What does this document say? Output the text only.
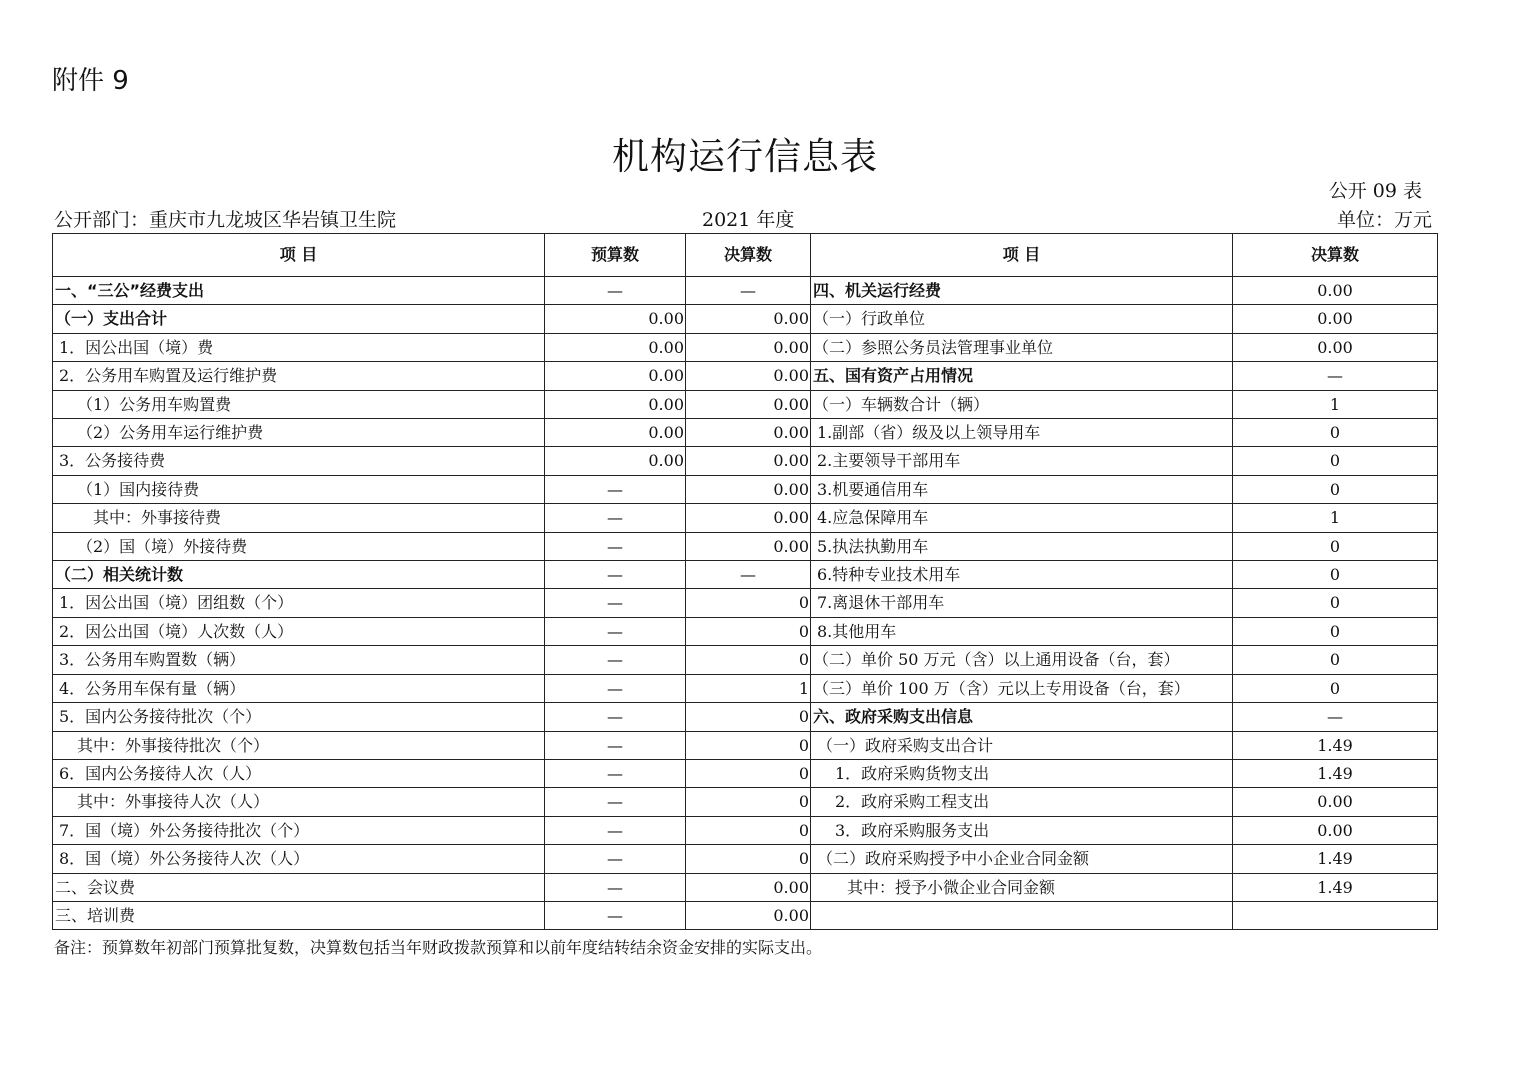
附件 9
机构运行信息表
公开 09 表
公开部门：重庆市九龙坡区华岩镇卫生院	2021 年度	单位：万元
项 目	预算数	决算数	项 目	决算数
一、“三公”经费支出	—	—	四、机关运行经费	0.00
（一）支出合计	0.00	0.00	（一）行政单位	0.00
1．因公出国（境）费	0.00	0.00	（二）参照公务员法管理事业单位	0.00
2．公务用车购置及运行维护费	0.00	0.00	五、国有资产占用情况	—
（1）公务用车购置费	0.00	0.00	（一）车辆数合计（辆）	1
（2）公务用车运行维护费	0.00	0.00	1.副部（省）级及以上领导用车	0
3．公务接待费	0.00	0.00	2.主要领导干部用车	0
（1）国内接待费	—	0.00	3.机要通信用车	0
其中：外事接待费	—	0.00	4.应急保障用车	1
（2）国（境）外接待费	—	0.00	5.执法执勤用车	0
（二）相关统计数	—	—	6.特种专业技术用车	0
1．因公出国（境）团组数（个）	—	0	7.离退休干部用车	0
2．因公出国（境）人次数（人）	—	0	8.其他用车	0
3．公务用车购置数（辆）	—	0	（二）单价 50 万元（含）以上通用设备（台，套）	0
4．公务用车保有量（辆）	—	1	（三）单价 100 万（含）元以上专用设备（台，套）	0
5．国内公务接待批次（个）	—	0	六、政府采购支出信息	—
其中：外事接待批次（个）	—	0	（一）政府采购支出合计	1.49
6．国内公务接待人次（人）	—	0	1．政府采购货物支出	1.49
其中：外事接待人次（人）	—	0	2．政府采购工程支出	0.00
7．国（境）外公务接待批次（个）	—	0	3．政府采购服务支出	0.00
8．国（境）外公务接待人次（人）	—	0	（二）政府采购授予中小企业合同金额	1.49
二、会议费	—	0.00	其中：授予小微企业合同金额	1.49
三、培训费	—	0.00		
备注：预算数年初部门预算批复数，决算数包括当年财政拨款预算和以前年度结转结余资金安排的实际支出。
